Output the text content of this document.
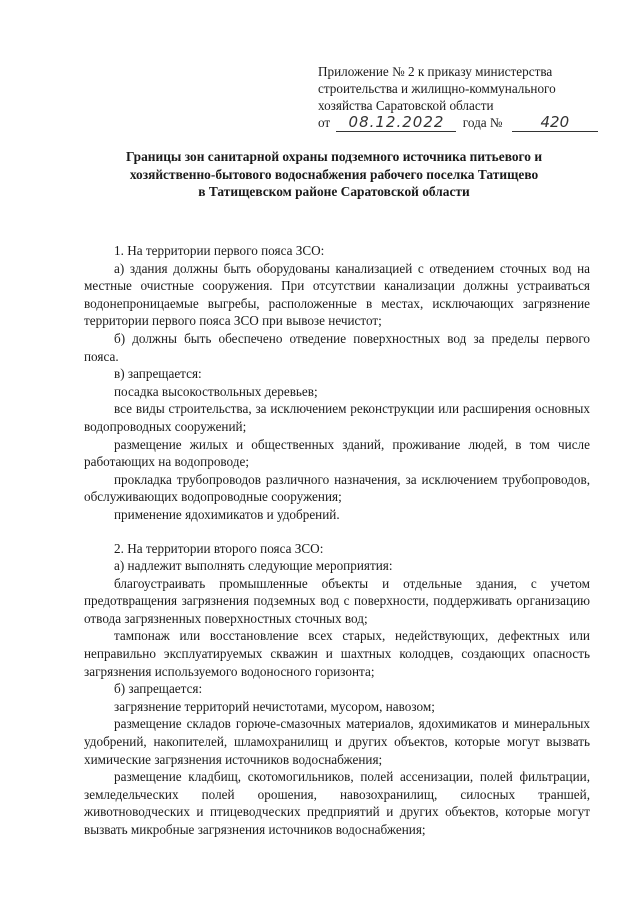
Приложение № 2 к приказу министерства
строительства и жилищно-коммунального
хозяйства Саратовской области
от 08.12.2022 года №	420
Границы зон санитарной охраны подземного источника питьевого и
хозяйственно-бытового водоснабжения рабочего поселка Татищево
в Татищевском районе Саратовской области

1. На территории первого пояса ЗСО:

а) здания должны быть оборудованы канализацией с отведением сточных вод на местные очистные сооружения. При отсутствии канализации должны устраиваться водонепроницаемые выгребы, расположенные в местах, исключающих загрязнение территории первого пояса ЗСО при вывозе нечистот;

б) должны быть обеспечено отведение поверхностных вод за пределы первого пояса.

в) запрещается:

посадка высокоствольных деревьев;

все виды строительства, за исключением реконструкции или расширения основных водопроводных сооружений;

размещение жилых и общественных зданий, проживание людей, в том числе работающих на водопроводе;

прокладка трубопроводов различного назначения, за исключением трубопроводов, обслуживающих водопроводные сооружения;

применение ядохимикатов и удобрений.

2. На территории второго пояса ЗСО:

а) надлежит выполнять следующие мероприятия:

благоустраивать промышленные объекты и отдельные здания, с учетом предотвращения загрязнения подземных вод с поверхности, поддерживать организацию отвода загрязненных поверхностных сточных вод;

тампонаж или восстановление всех старых, недействующих, дефектных или неправильно эксплуатируемых скважин и шахтных колодцев, создающих опасность загрязнения используемого водоносного горизонта;

б) запрещается:

загрязнение территорий нечистотами, мусором, навозом;

размещение складов горюче-смазочных материалов, ядохимикатов и минеральных удобрений, накопителей, шламохранилищ и других объектов, которые могут вызвать химические загрязнения источников водоснабжения;

размещение кладбищ, скотомогильников, полей ассенизации, полей фильтрации, земледельческих полей орошения, навозохранилищ, силосных траншей, животноводческих и птицеводческих предприятий и других объектов, которые могут вызвать микробные загрязнения источников водоснабжения;
